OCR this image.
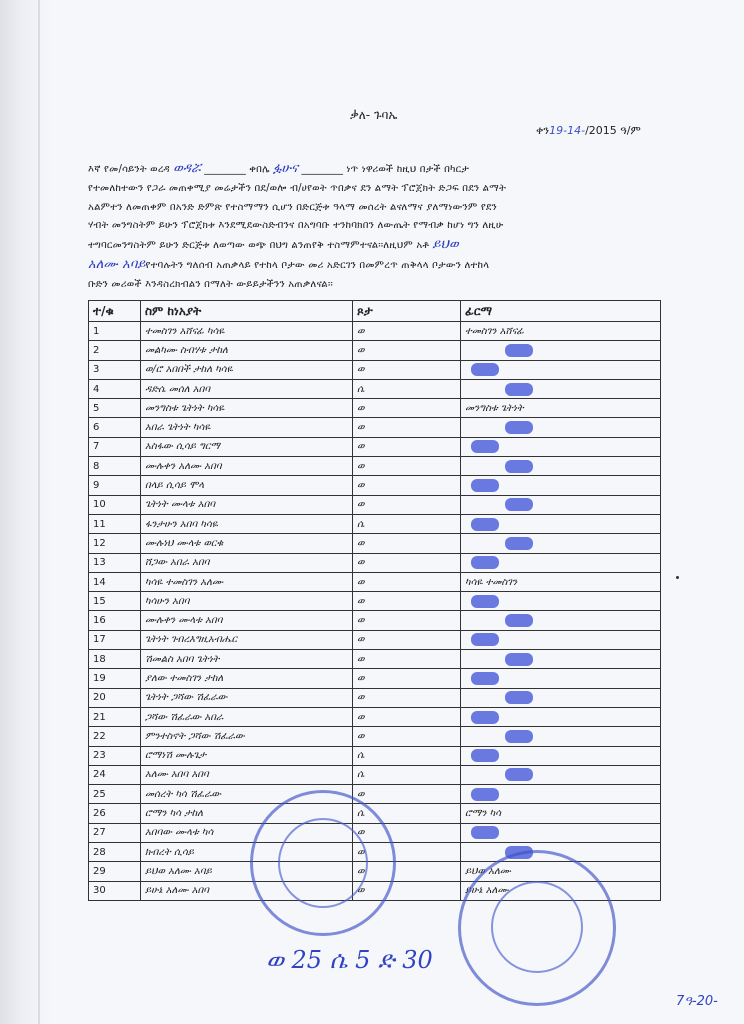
ቃለ- ጉባኤ
ቀን19-14-/2015 ዓ/ም
እኛ የመ/ሳይንት ወረዳ ወዳሯ ________ ቀበሌ ፏሁና ________ ነጥ ነዋሪወች ከዚህ በታች በካርታ
የተመለከተውን የጋራ መጠቀሚያ መሬታችን በደ/ወሎ ብ/ሀየወት ጥበቃና ደን ልማት ፕሮጀክት ድጋፍ በደን ልማት
አልምተን ለመጠቀም በአንድ ድምጽ የተስማማን ሲሆን በድርጅቱ ዓላማ መሰረት ልናለማና ያለማነውንም የደን
ሃብት መንግስትም ይሁን ፕሮጀክቱ እንደሚደውስድብንና በአግባቡ ተንከባክበን ለውጤት የማብቃ ከሆነ ግን ለዚሁ
ተግባርመንግስትም ይሁን ድርጅቱ ለወጣው ወጭ በህግ ልንጠየቅ ተስማምተናል፡፡ለዚህም አቶ ይህወ
አለሙ አባይየተባሉትን ግለሰብ አጠቃላይ የተከላ ቦታው መሪ አድርገን በመምረጥ ጠቅላላ ቦታውን ለተከላ
ቡድን መሪወች እንዳስረክብልን በማለት ውይይታችንን አጠቃለናል፡፡
ተ/ቁ	ስም ከነአያት	ጾታ	ፊርማ
1	ተመስገን አሸናፊ ካሳዬ	ወ	ተመስገን አሸናፊ
2	መልካሙ ስብሃቱ ታከለ	ወ	
3	ወ/ሮ አበበች ታከለ ካሳዬ	ወ	
4	ዳድሴ መሰለ አበባ	ሴ	
5	መንግስቱ ጌትነት ካሳዬ	ወ	መንግስቱ ጌትነት
6	አበራ ጌትነት ካሳዬ	ወ	
7	አስፋው ሲሳይ ግርማ	ወ	
8	ሙሉቀን አለሙ አበባ	ወ	
9	በላይ ሲሳይ ሞላ	ወ	
10	ጌትነት ሙላቱ አበባ	ወ	
11	ፋንታሁን አበባ ካሳዬ	ሴ	
12	ሙሉነህ ሙላቱ ወርቁ	ወ	
13	ሸጋው አበራ አበባ	ወ	
14	ካሳዬ ተመስገን አለሙ	ወ	ካሳዬ ተመስገን
15	ካሳሁን አበባ	ወ	
16	ሙሉቀን ሙላቱ አበባ	ወ	
17	ጌትነት ገብረእግዚአብሔር	ወ	
18	ሽመልስ አበባ ጌትነት	ወ	
19	ያለው ተመስገን ታከለ	ወ	
20	ጌትነት ጋሻው ሽፈራው	ወ	
21	ጋሻው ሽፈራው አበራ	ወ	
22	ምንተስኖት ጋሻው ሽፈራው	ወ	
23	ሮማነሽ ሙሉጌታ	ሴ	
24	አለሙ አበባ አበባ	ሴ	
25	መሰረት ካሳ ሽፈራው	ወ	
26	ሮማን ካሳ ታከለ	ሴ	ሮማን ካሳ
27	አበባው ሙላቱ ካሳ	ወ	
28	ክብረት ሲሳይ	ወ	
29	ይህወ አለሙ አባይ	ወ	ይህወ አለሙ
30	ይሁኔ አለሙ አበባ	ወ	ይሁኔ አለሙ
ወ 25 ሴ 5 ድ 30
7ዓ-20-
